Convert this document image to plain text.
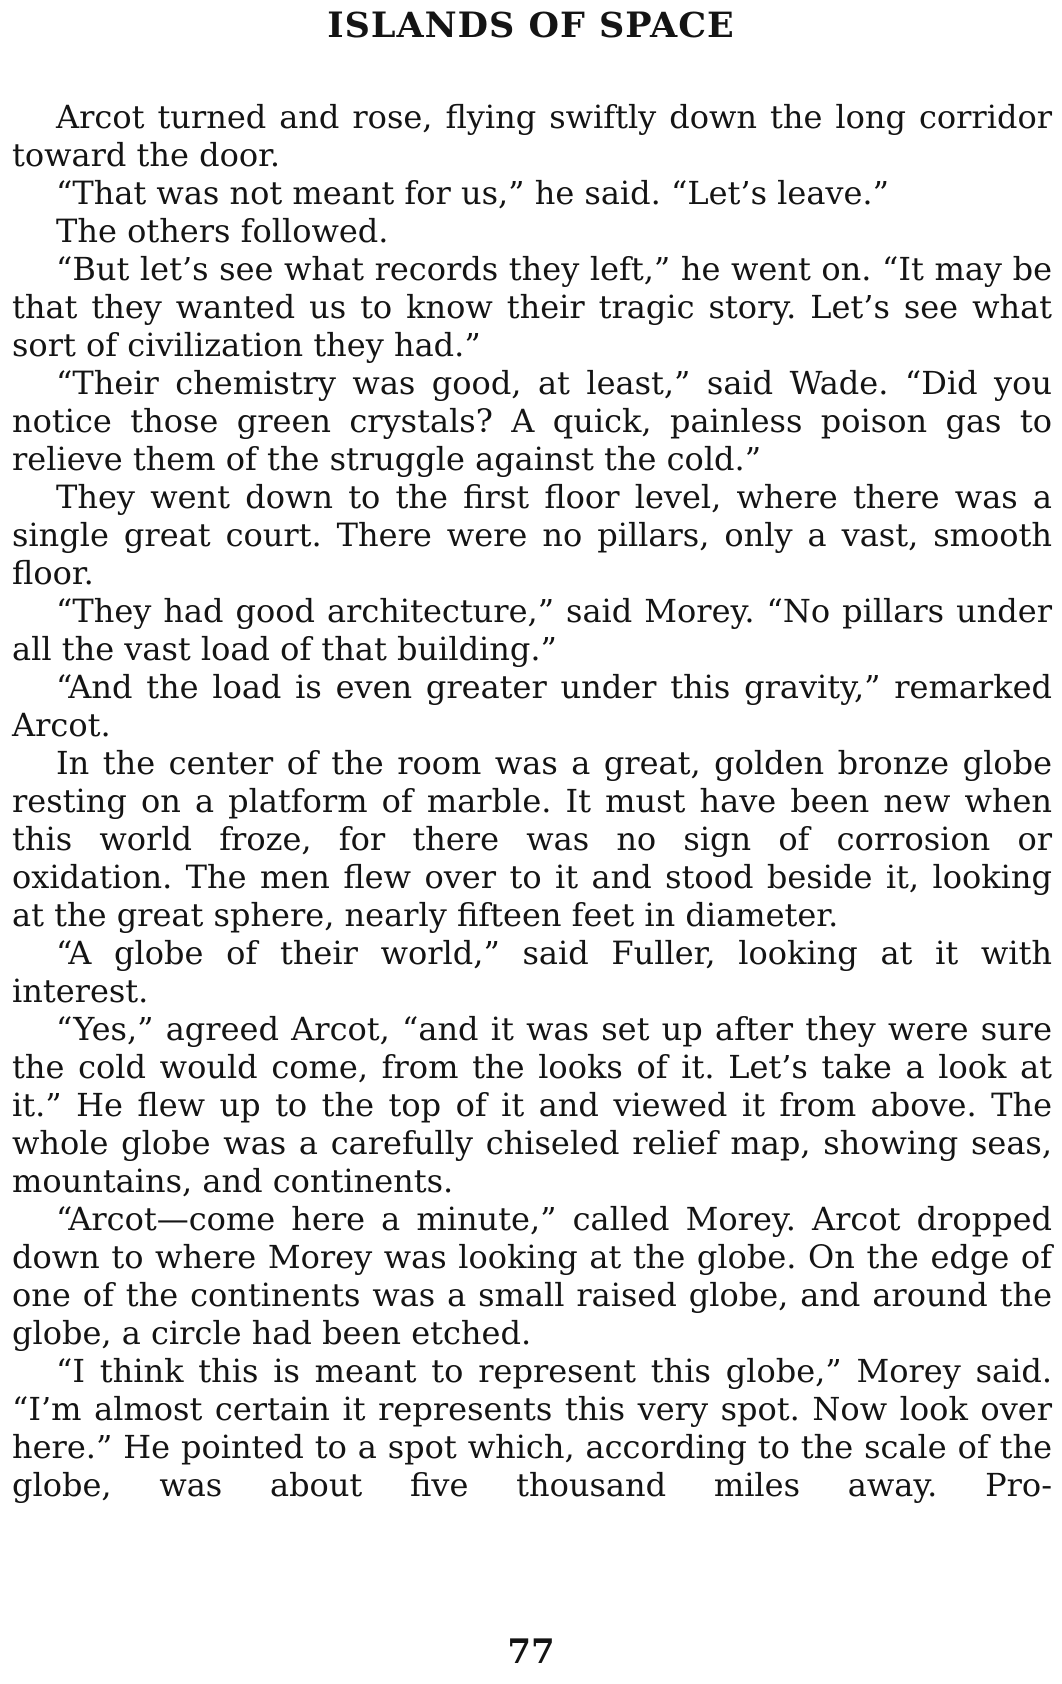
ISLANDS OF SPACE

Arcot turned and rose, flying swiftly down the long corridor toward the door.

“That was not meant for us,” he said. “Let’s leave.”

The others followed.

“But let’s see what records they left,” he went on. “It may be that they wanted us to know their tragic story. Let’s see what sort of civilization they had.”

“Their chemistry was good, at least,” said Wade. “Did you notice those green crystals? A quick, painless poison gas to relieve them of the struggle against the cold.”

They went down to the first floor level, where there was a single great court. There were no pillars, only a vast, smooth floor.

“They had good architecture,” said Morey. “No pillars under all the vast load of that building.”

“And the load is even greater under this gravity,” remarked Arcot.

In the center of the room was a great, golden bronze globe resting on a platform of marble. It must have been new when this world froze, for there was no sign of corrosion or oxidation. The men flew over to it and stood beside it, looking at the great sphere, nearly fifteen feet in diameter.

“A globe of their world,” said Fuller, looking at it with interest.

“Yes,” agreed Arcot, “and it was set up after they were sure the cold would come, from the looks of it. Let’s take a look at it.” He flew up to the top of it and viewed it from above. The whole globe was a carefully chiseled relief map, showing seas, mountains, and continents.

“Arcot—come here a minute,” called Morey. Arcot dropped down to where Morey was looking at the globe. On the edge of one of the continents was a small raised globe, and around the globe, a circle had been etched.

“I think this is meant to represent this globe,” Morey said. “I’m almost certain it represents this very spot. Now look over here.” He pointed to a spot which, according to the scale of the globe, was about five thousand miles away. Pro-

77
